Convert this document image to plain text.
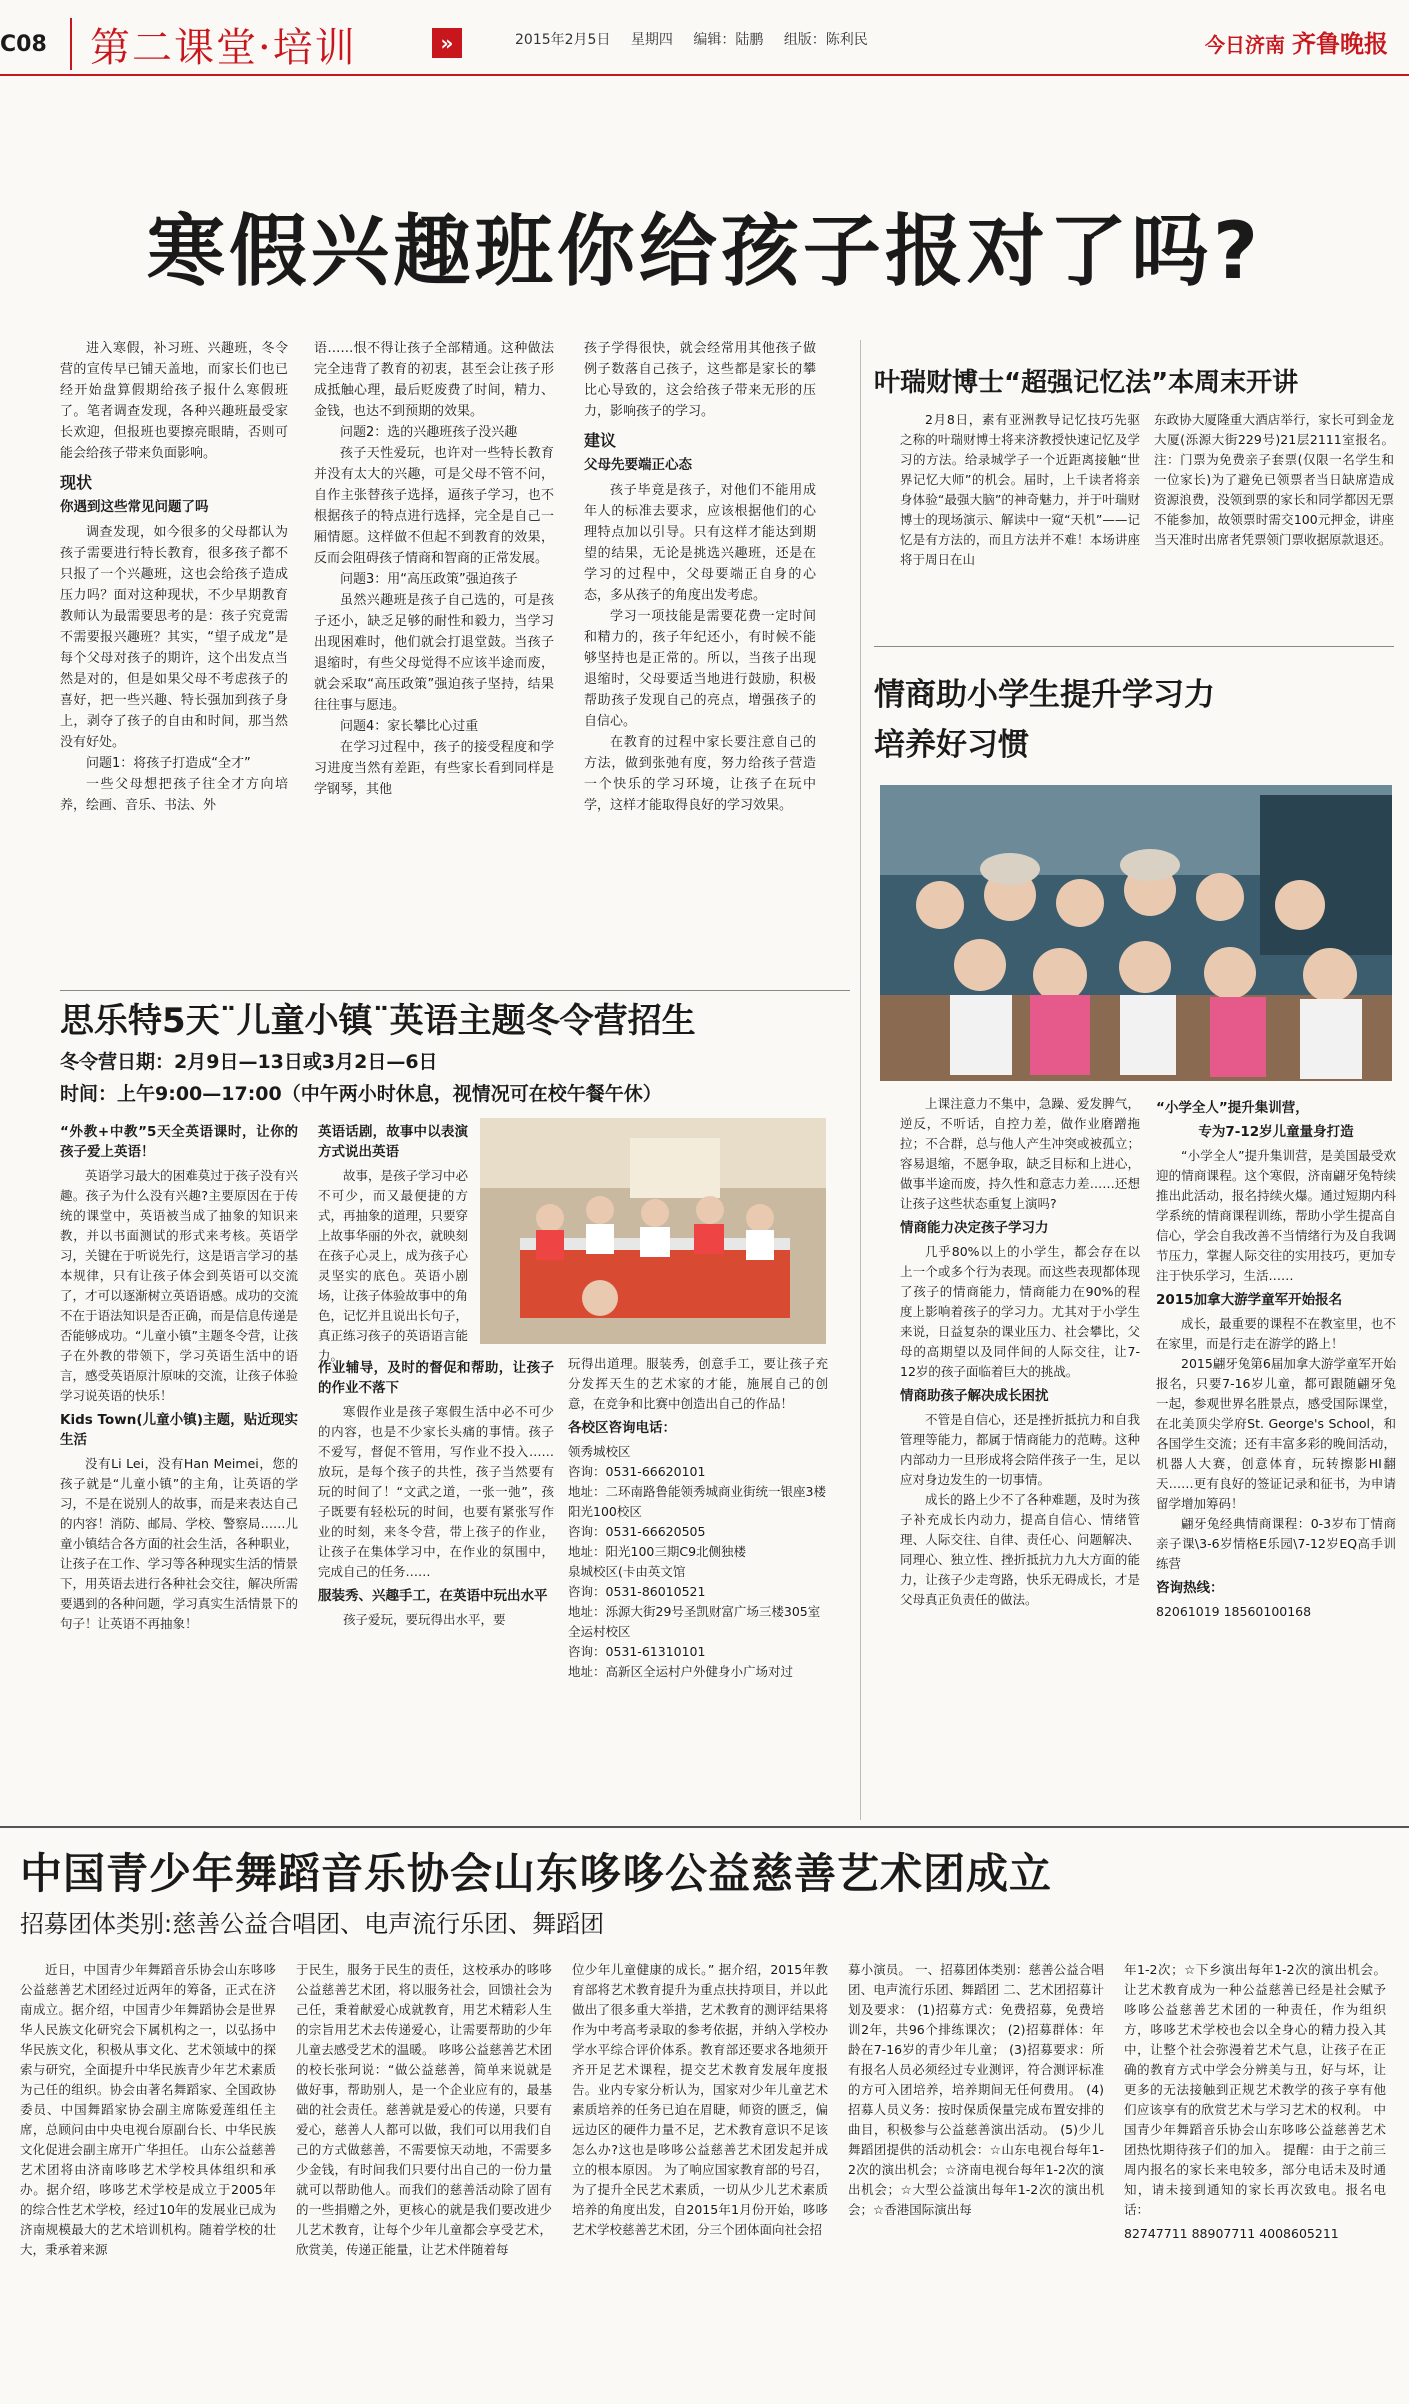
C08	第二课堂·培训	»	2015年2月5日 星期四 编辑：陆鹏 组版：陈利民	今日济南 齐鲁晚报
寒假兴趣班你给孩子报对了吗?

进入寒假，补习班、兴趣班，冬令营的宣传早已铺天盖地，而家长们也已经开始盘算假期给孩子报什么寒假班了。笔者调查发现，各种兴趣班最受家长欢迎，但报班也要擦亮眼睛，否则可能会给孩子带来负面影响。

现状
你遇到这些常见问题了吗

调查发现，如今很多的父母都认为孩子需要进行特长教育，很多孩子都不只报了一个兴趣班，这也会给孩子造成压力吗？面对这种现状，不少早期教育教师认为最需要思考的是：孩子究竟需不需要报兴趣班？其实，“望子成龙”是每个父母对孩子的期许，这个出发点当然是对的，但是如果父母不考虑孩子的喜好，把一些兴趣、特长强加到孩子身上，剥夺了孩子的自由和时间，那当然没有好处。

问题1：将孩子打造成“全才”

一些父母想把孩子往全才方向培养，绘画、音乐、书法、外

语……恨不得让孩子全部精通。这种做法完全违背了教育的初衷，甚至会让孩子形成抵触心理，最后贬废费了时间，精力、金钱，也达不到预期的效果。

问题2：选的兴趣班孩子没兴趣

孩子天性爱玩，也许对一些特长教育并没有太大的兴趣，可是父母不管不问，自作主张替孩子选择，逼孩子学习，也不根据孩子的特点进行选择，完全是自己一厢情愿。这样做不但起不到教育的效果，反而会阻碍孩子情商和智商的正常发展。

问题3：用“高压政策”强迫孩子

虽然兴趣班是孩子自己选的，可是孩子还小，缺乏足够的耐性和毅力，当学习出现困难时，他们就会打退堂鼓。当孩子退缩时，有些父母觉得不应该半途而废，就会采取“高压政策”强迫孩子坚持，结果往往事与愿违。

问题4：家长攀比心过重

在学习过程中，孩子的接受程度和学习进度当然有差距，有些家长看到同样是学钢琴，其他

孩子学得很快，就会经常用其他孩子做例子数落自己孩子，这些都是家长的攀比心导致的，这会给孩子带来无形的压力，影响孩子的学习。

建议
父母先要端正心态

孩子毕竟是孩子，对他们不能用成年人的标准去要求，应该根据他们的心理特点加以引导。只有这样才能达到期望的结果，无论是挑选兴趣班，还是在学习的过程中，父母要端正自身的心态，多从孩子的角度出发考虑。

学习一项技能是需要花费一定时间和精力的，孩子年纪还小，有时候不能够坚持也是正常的。所以，当孩子出现退缩时，父母要适当地进行鼓励，积极帮助孩子发现自己的亮点，增强孩子的自信心。

在教育的过程中家长要注意自己的方法，做到张弛有度，努力给孩子营造一个快乐的学习环境，让孩子在玩中学，这样才能取得良好的学习效果。

叶瑞财博士“超强记忆法”本周末开讲

2月8日，素有亚洲教导记忆技巧先驱之称的叶瑞财博士将来济教授快速记忆及学习的方法。给录城学子一个近距离接触“世界记忆大师”的机会。届时，上千读者将亲身体验“最强大脑”的神奇魅力，并于叶瑞财博士的现场演示、解读中一窥“天机”——记忆是有方法的，而且方法并不难！本场讲座将于周日在山

东政协大厦隆重大酒店举行，家长可到金龙大厦(泺源大街229号)21层2111室报名。注：门票为免费亲子套票(仅限一名学生和一位家长)为了避免已领票者当日缺席造成资源浪费，没领到票的家长和同学都因无票不能参加，故领票时需交100元押金，讲座当天准时出席者凭票领门票收据原款退还。

情商助小学生提升学习力
培养好习惯

上课注意力不集中，急躁、爱发脾气，逆反，不听话，自控力差，做作业磨蹭拖拉；不合群，总与他人产生冲突或被孤立；容易退缩，不愿争取，缺乏目标和上进心，做事半途而废，持久性和意志力差……还想让孩子这些状态重复上演吗?

情商能力决定孩子学习力

几乎80%以上的小学生，都会存在以上一个或多个行为表现。而这些表现都体现了孩子的情商能力，情商能力在90%的程度上影响着孩子的学习力。尤其对于小学生来说，日益复杂的课业压力、社会攀比，父母的高期望以及同伴间的人际交往，让7-12岁的孩子面临着巨大的挑战。

情商助孩子解决成长困扰

不管是自信心，还是挫折抵抗力和自我管理等能力，都属于情商能力的范畴。这种内部动力一旦形成将会陪伴孩子一生，足以应对身边发生的一切事情。

成长的路上少不了各种难题，及时为孩子补充成长内动力，提高自信心、情绪管理、人际交往、自律、责任心、问题解决、同理心、独立性、挫折抵抗力九大方面的能力，让孩子少走弯路，快乐无碍成长，才是父母真正负责任的做法。

“小学全人”提升集训营，
专为7-12岁儿童量身打造

“小学全人”提升集训营，是美国最受欢迎的情商课程。这个寒假，济南翩牙兔特续推出此活动，报名持续火爆。通过短期内科学系统的情商课程训练，帮助小学生提高自信心，学会自我改善不当情绪行为及自我调节压力，掌握人际交往的实用技巧，更加专注于快乐学习，生活……

2015加拿大游学童军开始报名

成长，最重要的课程不在教室里，也不在家里，而是行走在游学的路上！

2015翩牙兔第6届加拿大游学童军开始报名，只要7-16岁儿童，都可跟随翩牙兔一起，参观世界名胜景点，感受国际课堂，在北美顶尖学府St. George's School，和各国学生交流；还有丰富多彩的晚间活动，机器人大赛，创意体育，玩转擦影HI翻天……更有良好的签证记录和征书，为申请留学增加筹码！

翩牙兔经典情商课程：0-3岁布丁情商亲子课\3-6岁情格E乐园\7-12岁EQ高手训练营

咨询热线：
82061019 18560100168
思乐特5天¨儿童小镇¨英语主题冬令营招生
冬令营日期：2月9日—13日或3月2日—6日
时间：上午9:00—17:00（中午两小时休息，视情况可在校午餐午休）
“外教+中教”5天全英语课时，让你的孩子爱上英语！

英语学习最大的困难莫过于孩子没有兴趣。孩子为什么没有兴趣?主要原因在于传统的课堂中，英语被当成了抽象的知识来教，并以书面测试的形式来考核。英语学习，关键在于听说先行，这是语言学习的基本规律，只有让孩子体会到英语可以交流了，才可以逐渐树立英语语感。成功的交流不在于语法知识是否正确，而是信息传递是否能够成功。“儿童小镇”主题冬令营，让孩子在外教的带领下，学习英语生活中的语言，感受英语原汁原味的交流，让孩子体验学习说英语的快乐！

Kids Town(儿童小镇)主题，贴近现实生活

没有Li Lei，没有Han Meimei，您的孩子就是“儿童小镇”的主角，让英语的学习，不是在说别人的故事，而是来表达自己的内容！消防、邮局、学校、警察局……儿童小镇结合各方面的社会生活，各种职业，让孩子在工作、学习等各种现实生活的情景下，用英语去进行各种社会交往，解决所需要遇到的各种问题，学习真实生活情景下的句子！让英语不再抽象！

英语话剧，故事中以表演方式说出英语

故事，是孩子学习中必不可少，而又最便捷的方式，再抽象的道理，只要穿上故事华丽的外衣，就映刻在孩子心灵上，成为孩子心灵坚实的底色。英语小剧场，让孩子体验故事中的角色，记忆并且说出长句子，真正练习孩子的英语语言能力。

作业辅导，及时的督促和帮助，让孩子的作业不落下

寒假作业是孩子寒假生活中必不可少的内容，也是不少家长头痛的事情。孩子不爱写，督促不管用，写作业不投入……放玩，是每个孩子的共性，孩子当然要有玩的时间了！“文武之道，一张一弛”，孩子既要有轻松玩的时间，也要有紧张写作业的时刻，来冬令营，带上孩子的作业，让孩子在集体学习中，在作业的氛围中，完成自己的任务……

服装秀、兴趣手工，在英语中玩出水平

孩子爱玩，要玩得出水平，要

玩得出道理。服装秀，创意手工，要让孩子充分发挥天生的艺术家的才能，施展自己的创意，在竞争和比赛中创造出自己的作品！

各校区咨询电话：
领秀城校区
咨询：0531-66620101
地址：二环南路鲁能领秀城商业街统一银座3楼
阳光100校区
咨询：0531-66620505
地址：阳光100三期C9北侧独楼
泉城校区(卡由英文馆
咨询：0531-86010521
地址：泺源大街29号圣凯财富广场三楼305室
全运村校区
咨询：0531-61310101
地址：高新区全运村户外健身小广场对过
中国青少年舞蹈音乐协会山东哆哆公益慈善艺术团成立
招募团体类别:慈善公益合唱团、电声流行乐团、舞蹈团

近日，中国青少年舞蹈音乐协会山东哆哆公益慈善艺术团经过近两年的筹备，正式在济南成立。据介绍，中国青少年舞蹈协会是世界华人民族文化研究会下属机构之一，以弘扬中华民族文化，积极从事文化、艺术领域中的探索与研究，全面提升中华民族青少年艺术素质为己任的组织。协会由著名舞蹈家、全国政协委员、中国舞蹈家协会副主席陈爱莲组任主席，总顾问由中央电视台原副台长、中华民族文化促进会副主席开广华担任。 山东公益慈善艺术团将由济南哆哆艺术学校具体组织和承办。据介绍，哆哆艺术学校是成立于2005年的综合性艺术学校，经过10年的发展业已成为济南规模最大的艺术培训机构。随着学校的壮大，秉承着来源

于民生，服务于民生的责任，这校承办的哆哆公益慈善艺术团，将以服务社会，回馈社会为己任，秉着献爱心成就教育，用艺术精彩人生的宗旨用艺术去传递爱心，让需要帮助的少年儿童去感受艺术的温暖。 哆哆公益慈善艺术团的校长张珂说：“做公益慈善，简单来说就是做好事，帮助别人，是一个企业应有的，最基础的社会责任。慈善就是爱心的传递，只要有爱心，慈善人人都可以做，我们可以用我们自己的方式做慈善，不需要惊天动地，不需要多少金钱，有时间我们只要付出自己的一份力量就可以帮助他人。而我们的慈善活动除了固有的一些捐赠之外，更核心的就是我们要改进少儿艺术教育，让每个少年儿童都会享受艺术，欣赏美，传递正能量，让艺术伴随着每

位少年儿童健康的成长。” 据介绍，2015年教育部将艺术教育提升为重点扶持项目，并以此做出了很多重大举措，艺术教育的测评结果将作为中考高考录取的参考依据，并纳入学校办学水平综合评价体系。教育部还要求各地须开齐开足艺术课程，提交艺术教育发展年度报告。业内专家分析认为，国家对少年儿童艺术素质培养的任务已迫在眉睫，师资的匮乏，偏远边区的硬件力量不足，艺术教育意识不足该怎么办?这也是哆哆公益慈善艺术团发起并成立的根本原因。 为了响应国家教育部的号召，为了提升全民艺术素质，一切从少儿艺术素质培养的角度出发，自2015年1月份开始，哆哆艺术学校慈善艺术团，分三个团体面向社会招

募小演员。 一、招募团体类别：慈善公益合唱团、电声流行乐团、舞蹈团 二、艺术团招募计划及要求： (1)招募方式：免费招募，免费培训2年，共96个排练课次； (2)招募群体：年龄在7-16岁的青少年儿童； (3)招募要求：所有报名人员必须经过专业测评，符合测评标准的方可入团培养，培养期间无任何费用。 (4)招募人员义务：按时保质保量完成布置安排的曲目，积极参与公益慈善演出活动。 (5)少儿舞蹈团提供的活动机会：☆山东电视台每年1-2次的演出机会；☆济南电视台每年1-2次的演出机会；☆大型公益演出每年1-2次的演出机会；☆香港国际演出每

年1-2次；☆下乡演出每年1-2次的演出机会。 让艺术教育成为一种公益慈善已经是社会赋予哆哆公益慈善艺术团的一种责任，作为组织方，哆哆艺术学校也会以全身心的精力投入其中，让整个社会弥漫着艺术气息，让孩子在正确的教育方式中学会分辨美与丑，好与坏，让更多的无法接触到正规艺术教学的孩子享有他们应该享有的欣赏艺术与学习艺术的权利。 中国青少年舞蹈音乐协会山东哆哆公益慈善艺术团热忱期待孩子们的加入。 提醒：由于之前三周内报名的家长来电较多，部分电话未及时通知，请未接到通知的家长再次致电。报名电话：

82747711 88907711 4008605211
